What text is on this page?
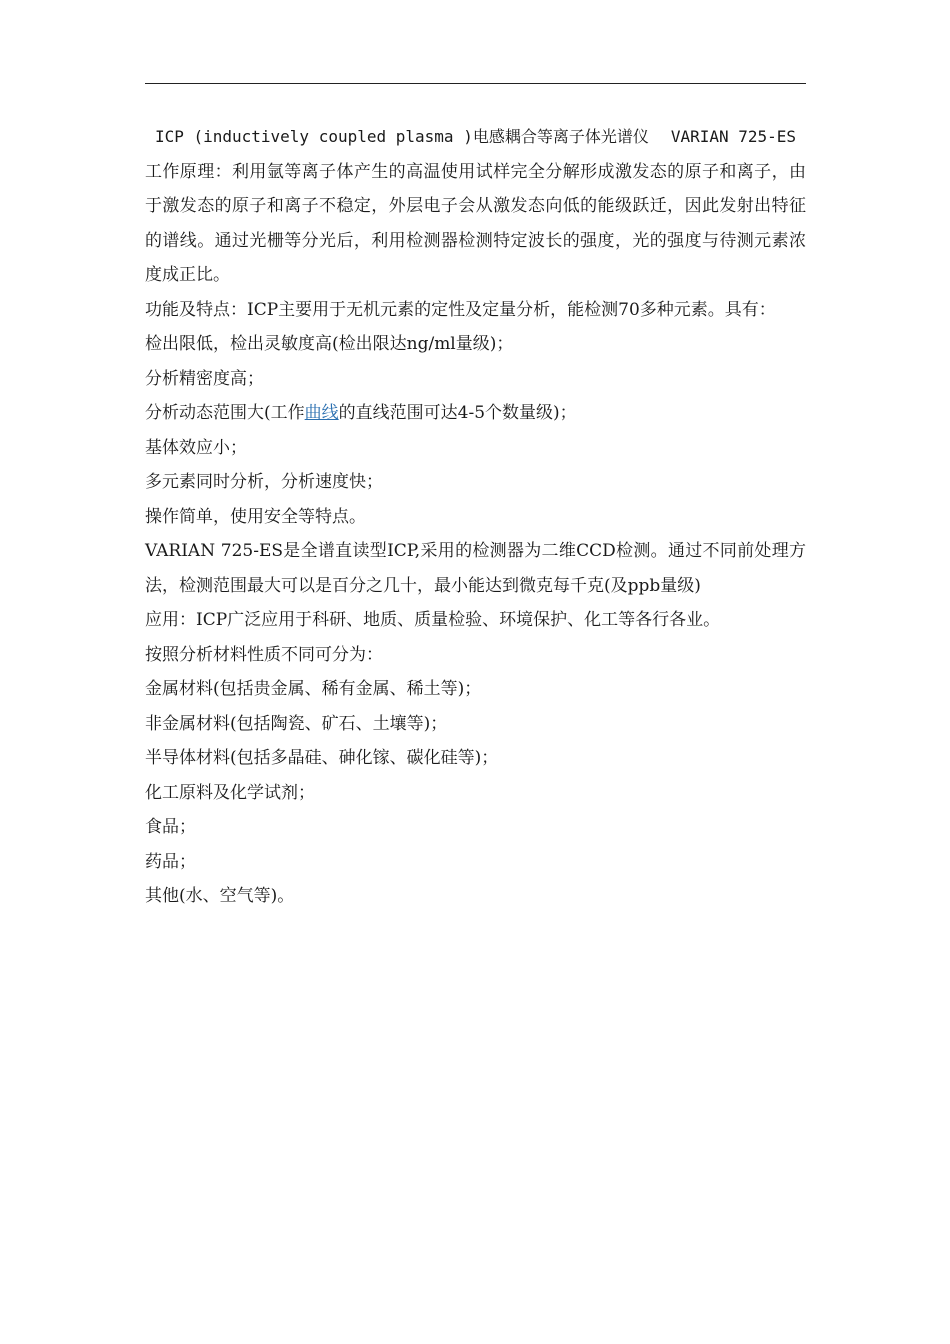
ICP (inductively coupled plasma )电感耦合等离子体光谱仪 VARIAN 725-ES

工作原理：利用氩等离子体产生的高温使用试样完全分解形成激发态的原子和离子，由于激发态的原子和离子不稳定，外层电子会从激发态向低的能级跃迁，因此发射出特征的谱线。通过光栅等分光后，利用检测器检测特定波长的强度，光的强度与待测元素浓度成正比。

功能及特点：ICP主要用于无机元素的定性及定量分析，能检测70多种元素。具有：

检出限低，检出灵敏度高(检出限达ng/ml量级)；

分析精密度高；

分析动态范围大(工作曲线的直线范围可达4-5个数量级)；

基体效应小；

多元素同时分析，分析速度快；

操作简单，使用安全等特点。

VARIAN 725-ES是全谱直读型ICP,采用的检测器为二维CCD检测。通过不同前处理方法，检测范围最大可以是百分之几十，最小能达到微克每千克(及ppb量级)

应用：ICP广泛应用于科研、地质、质量检验、环境保护、化工等各行各业。

按照分析材料性质不同可分为：

金属材料(包括贵金属、稀有金属、稀土等)；

非金属材料(包括陶瓷、矿石、土壤等)；

半导体材料(包括多晶硅、砷化镓、碳化硅等)；

化工原料及化学试剂；

食品；

药品；

其他(水、空气等)。
